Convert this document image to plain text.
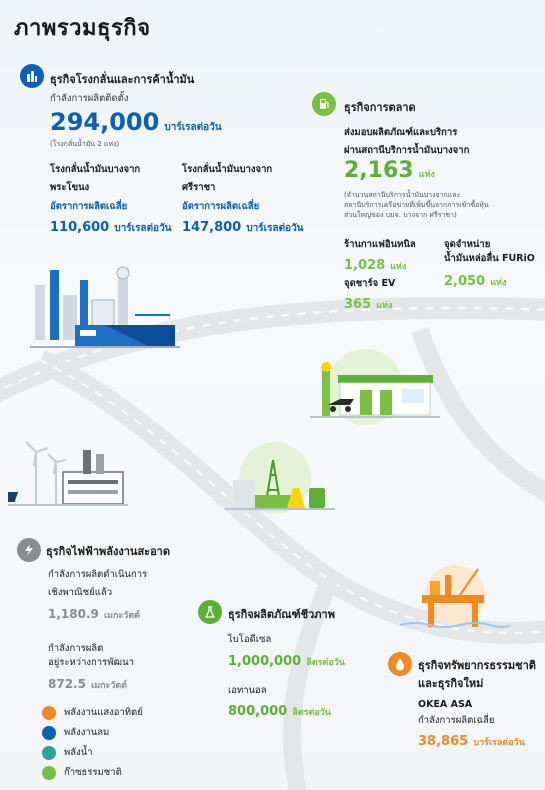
ภาพรวมธุรกิจ
ธุรกิจโรงกลั่นและการค้าน้ำมัน
กำลังการผลิตติดตั้ง
294,000 บาร์เรลต่อวัน
(โรงกลั่นน้ำมัน 2 แห่ง)
โรงกลั่นน้ำมันบางจาก
พระโขนง
อัตราการผลิตเฉลี่ย
110,600 บาร์เรลต่อวัน
โรงกลั่นน้ำมันบางจาก
ศรีราชา
อัตราการผลิตเฉลี่ย
147,800 บาร์เรลต่อวัน
ธุรกิจการตลาด
ส่งมอบผลิตภัณฑ์และบริการ
ผ่านสถานีบริการน้ำมันบางจาก
2,163 แห่ง
(จำนวนสถานีบริการน้ำมันบางจากและ
สถานีบริการเครือข่ายที่เพิ่มขึ้นจากการเข้าซื้อหุ้น
ส่วนใหญ่ของ บมจ. บางจาก ศรีราชา)
ร้านกาแฟอินทนิล
1,028 แห่ง
จุดจำหน่าย
น้ำมันหล่อลื่น FURiO
2,050 แห่ง
จุดชาร์จ EV
365 แห่ง
ธุรกิจไฟฟ้าพลังงานสะอาด
กำลังการผลิตดำเนินการ
เชิงพาณิชย์แล้ว
1,180.9 เมกะวัตต์
กำลังการผลิต
อยู่ระหว่างการพัฒนา
872.5 เมกะวัตต์
พลังงานแสงอาทิตย์
พลังงานลม
พลังน้ำ
ก๊าซธรรมชาติ
ธุรกิจผลิตภัณฑ์ชีวภาพ
ไบโอดีเซล
1,000,000 ลิตรต่อวัน
เอทานอล
800,000 ลิตรต่อวัน
ธุรกิจทรัพยากรธรรมชาติ
และธุรกิจใหม่
OKEA ASA
กำลังการผลิตเฉลี่ย
38,865 บาร์เรลต่อวัน
